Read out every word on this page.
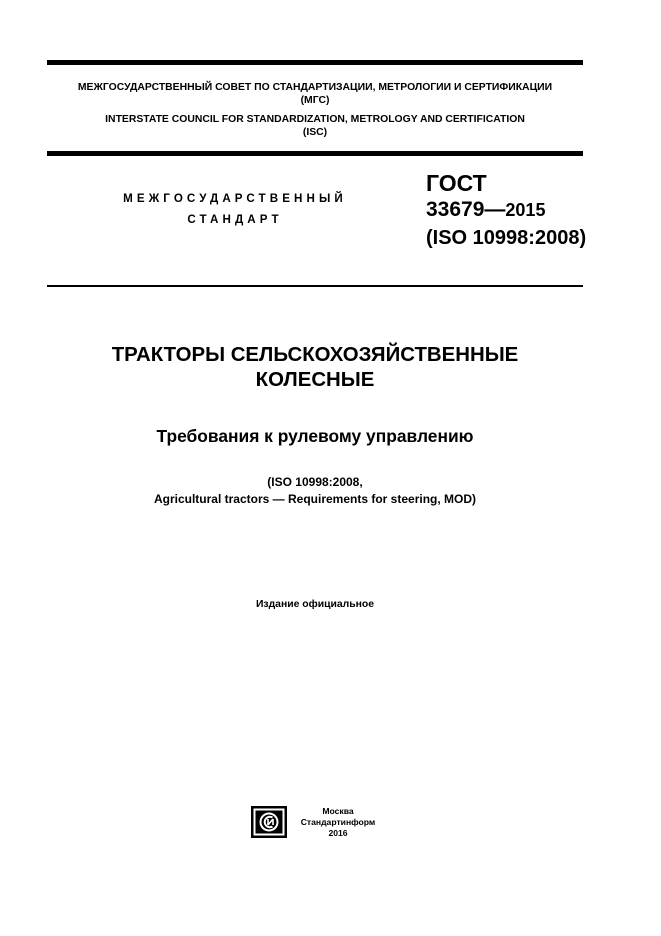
МЕЖГОСУДАРСТВЕННЫЙ СОВЕТ ПО СТАНДАРТИЗАЦИИ, МЕТРОЛОГИИ И СЕРТИФИКАЦИИ
(МГС)
INTERSTATE COUNCIL FOR STANDARDIZATION, METROLOGY AND CERTIFICATION
(ISC)
МЕЖГОСУДАРСТВЕННЫЙ
СТАНДАРТ
ГОСТ
33679—2015
(ISO 10998:2008)
ТРАКТОРЫ СЕЛЬСКОХОЗЯЙСТВЕННЫЕ
КОЛЕСНЫЕ
Требования к рулевому управлению
(ISO 10998:2008,
Agricultural tractors — Requirements for steering, MOD)
Издание официальное
Москва
Стандартинформ
2016
